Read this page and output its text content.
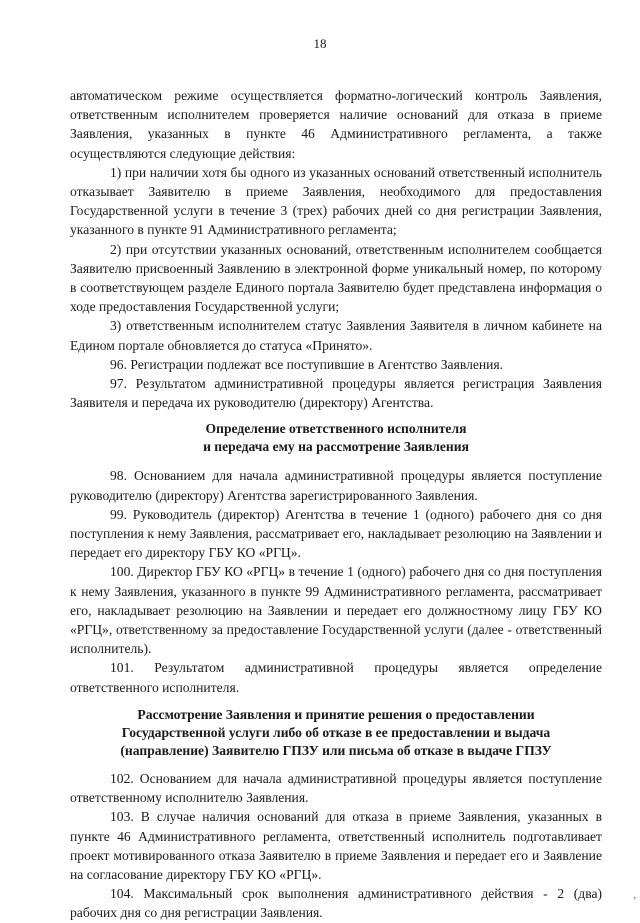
18

автоматическом режиме осуществляется форматно-логический контроль Заявления, ответственным исполнителем проверяется наличие оснований для отказа в приеме Заявления, указанных в пункте 46 Административного регламента, а также осуществляются следующие действия:

1) при наличии хотя бы одного из указанных оснований ответственный исполнитель отказывает Заявителю в приеме Заявления, необходимого для предоставления Государственной услуги в течение 3 (трех) рабочих дней со дня регистрации Заявления, указанного в пункте 91 Административного регламента;

2) при отсутствии указанных оснований, ответственным исполнителем сообщается Заявителю присвоенный Заявлению в электронной форме уникальный номер, по которому в соответствующем разделе Единого портала Заявителю будет представлена информация о ходе предоставления Государственной услуги;

3) ответственным исполнителем статус Заявления Заявителя в личном кабинете на Едином портале обновляется до статуса «Принято».

96. Регистрации подлежат все поступившие в Агентство Заявления.

97. Результатом административной процедуры является регистрация Заявления Заявителя и передача их руководителю (директору) Агентства.

Определение ответственного исполнителя
и передача ему на рассмотрение Заявления

98. Основанием для начала административной процедуры является поступление руководителю (директору) Агентства зарегистрированного Заявления.

99. Руководитель (директор) Агентства в течение 1 (одного) рабочего дня со дня поступления к нему Заявления, рассматривает его, накладывает резолюцию на Заявлении и передает его директору ГБУ КО «РГЦ».

100. Директор ГБУ КО «РГЦ» в течение 1 (одного) рабочего дня со дня поступления к нему Заявления, указанного в пункте 99 Административного регламента, рассматривает его, накладывает резолюцию на Заявлении и передает его должностному лицу ГБУ КО «РГЦ», ответственному за предоставление Государственной услуги (далее - ответственный исполнитель).

101. Результатом административной процедуры является определение ответственного исполнителя.

Рассмотрение Заявления и принятие решения о предоставлении
Государственной услуги либо об отказе в ее предоставлении и выдача
(направление) Заявителю ГПЗУ или письма об отказе в выдаче ГПЗУ

102. Основанием для начала административной процедуры является поступление ответственному исполнителю Заявления.

103. В случае наличия оснований для отказа в приеме Заявления, указанных в пункте 46 Административного регламента, ответственный исполнитель подготавливает проект мотивированного отказа Заявителю в приеме Заявления и передает его и Заявление на согласование директору ГБУ КО «РГЦ».

104. Максимальный срок выполнения административного действия - 2 (два) рабочих дня со дня регистрации Заявления.

,
